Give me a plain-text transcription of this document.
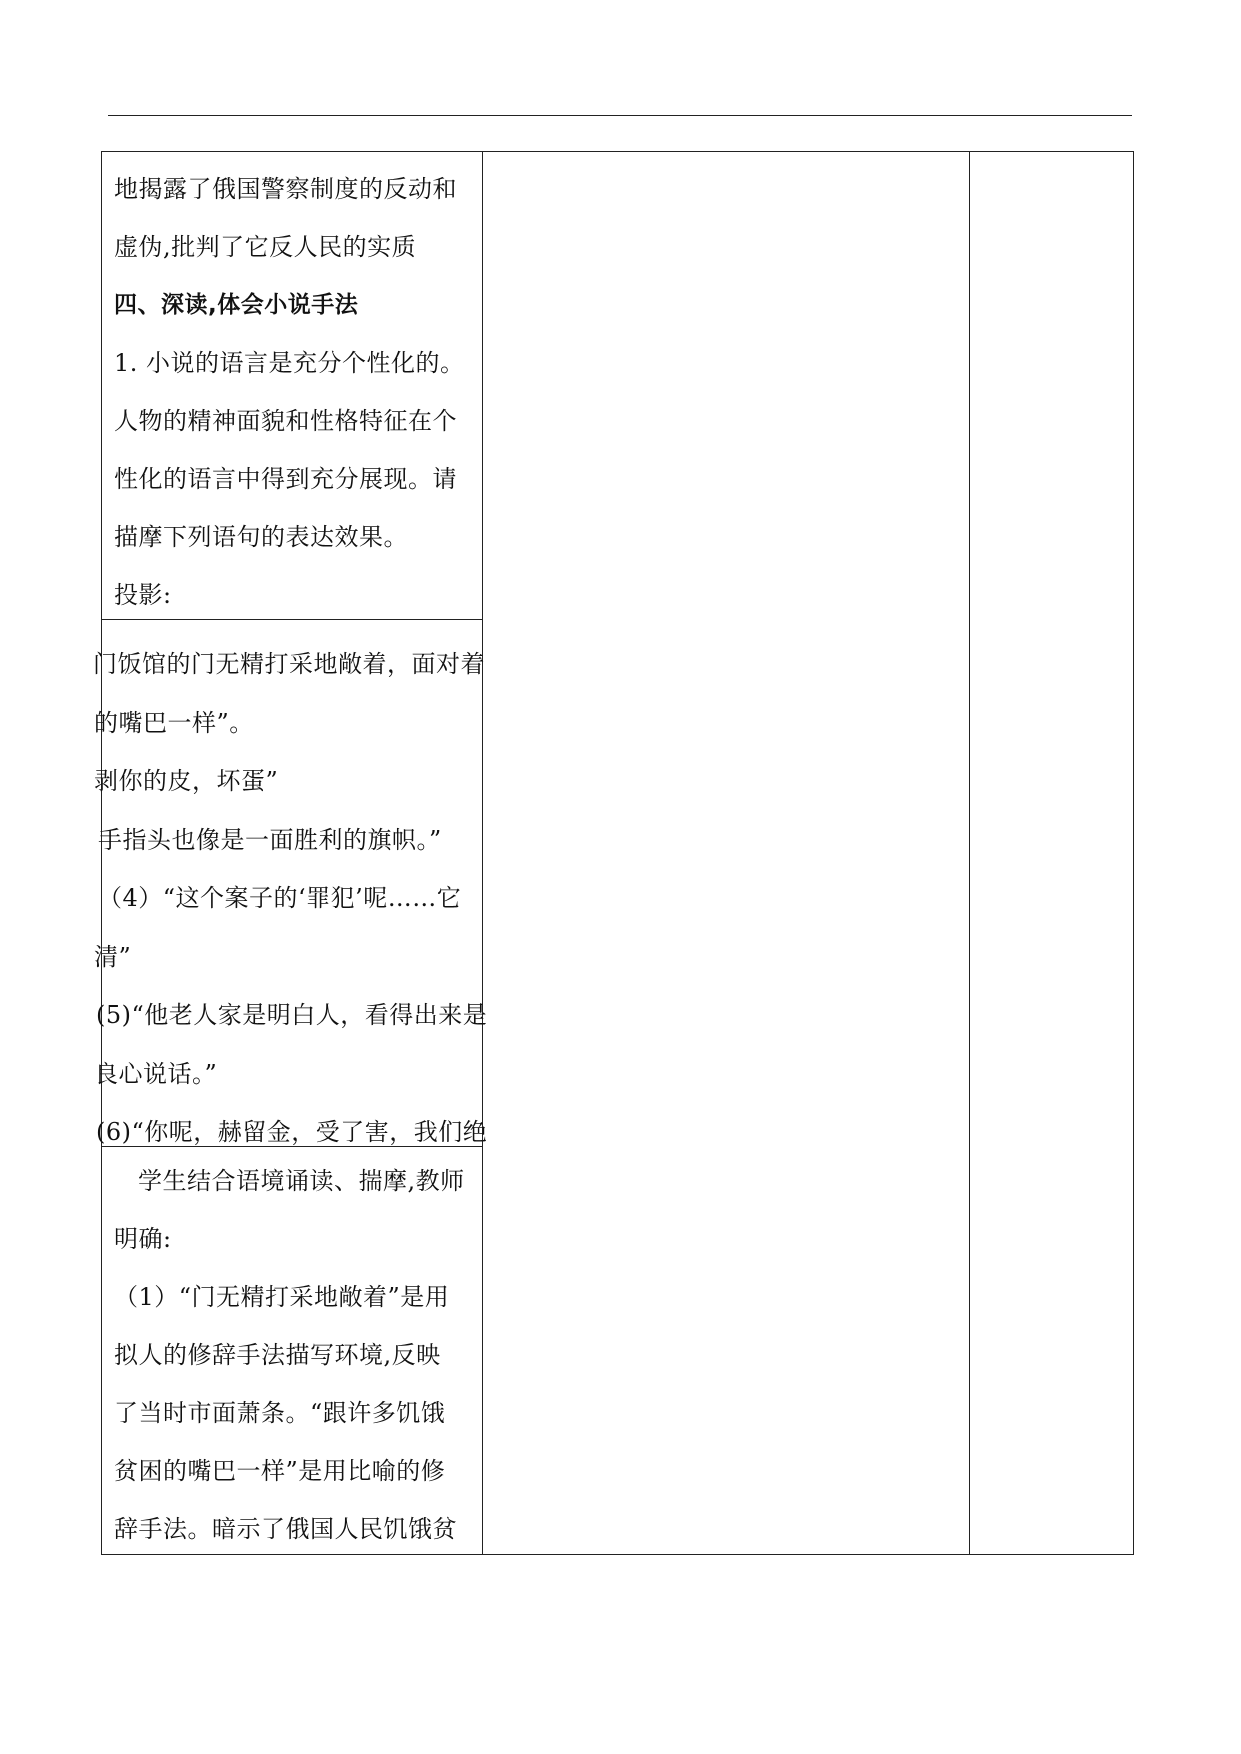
地揭露了俄国警察制度的反动和
虚伪,批判了它反人民的实质
四、深读,体会小说手法
1. 小说的语言是充分个性化的。
人物的精神面貌和性格特征在个
性化的语言中得到充分展现。请
描摩下列语句的表达效果。
投影:
门饭馆的门无精打采地敞着，面对着
的嘴巴一样”。
剥你的皮，坏蛋”
手指头也像是一面胜利的旗帜。”
（4）“这个案子的‘罪犯’呢……它
清”
(5)“他老人家是明白人，看得出来是
良心说话。”
(6)“你呢，赫留金，受了害，我们绝
学生结合语境诵读、揣摩,教师
明确:
（1）“门无精打采地敞着”是用
拟人的修辞手法描写环境,反映
了当时市面萧条。“跟许多饥饿
贫困的嘴巴一样”是用比喻的修
辞手法。暗示了俄国人民饥饿贫
